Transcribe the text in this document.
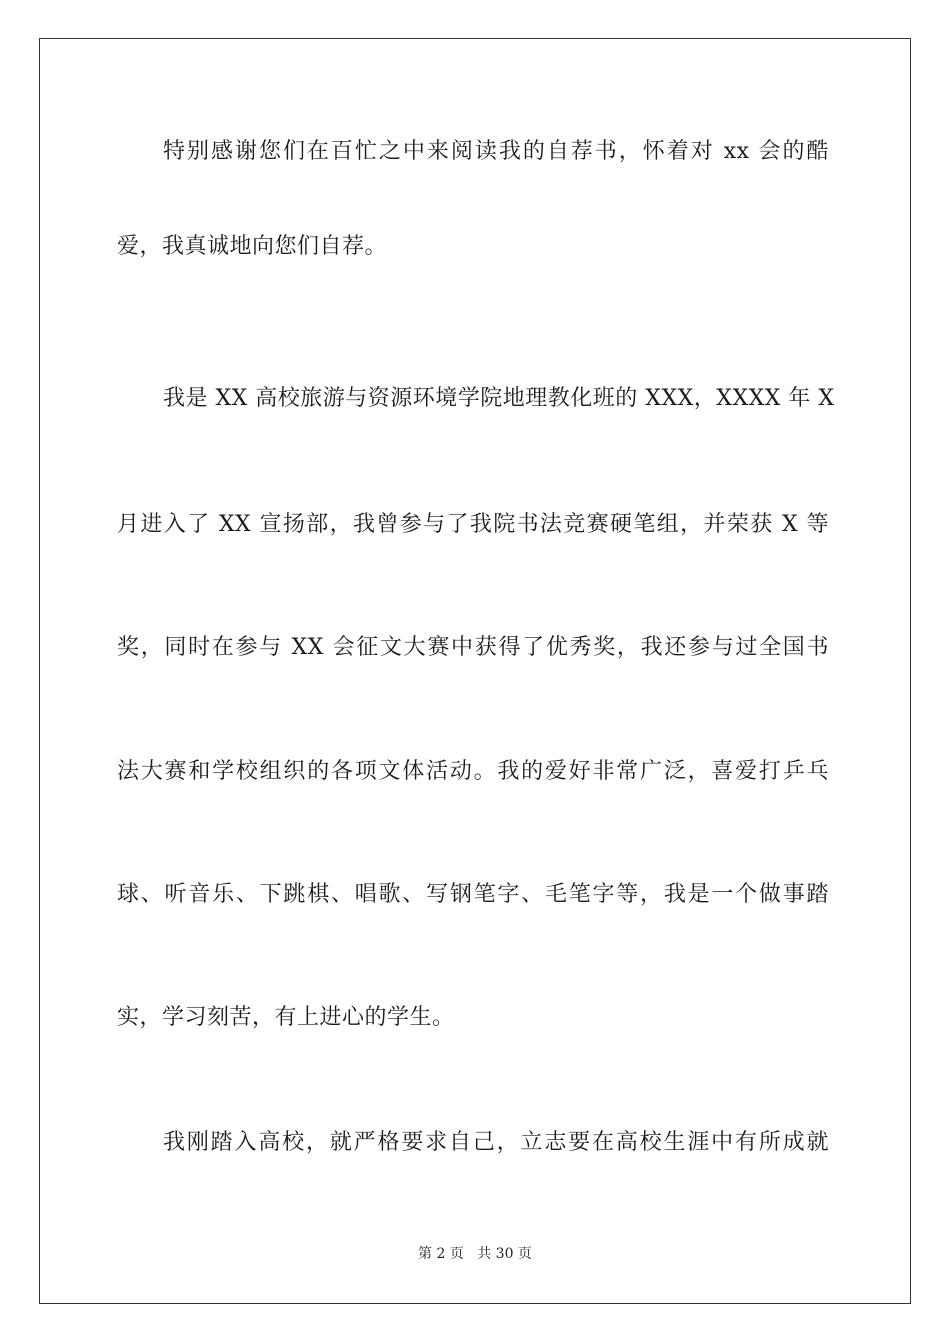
特别感谢您们在百忙之中来阅读我的自荐书，怀着对 xx 会的酷
爱，我真诚地向您们自荐。
我是 XX 高校旅游与资源环境学院地理教化班的 XXX，XXXX 年 X
月进入了 XX 宣扬部，我曾参与了我院书法竞赛硬笔组，并荣获 X 等
奖，同时在参与 XX 会征文大赛中获得了优秀奖，我还参与过全国书
法大赛和学校组织的各项文体活动。我的爱好非常广泛，喜爱打乒乓
球、听音乐、下跳棋、唱歌、写钢笔字、毛笔字等，我是一个做事踏
实，学习刻苦，有上进心的学生。
我刚踏入高校，就严格要求自己，立志要在高校生涯中有所成就
第 2 页 共 30 页
